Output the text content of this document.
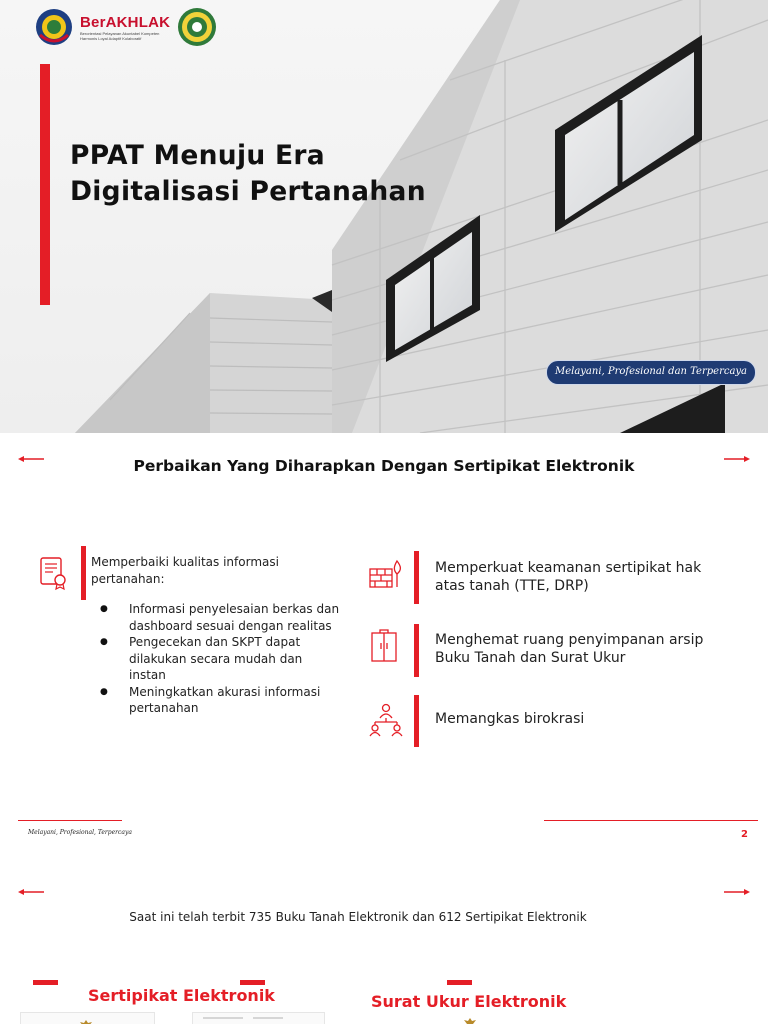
BerAKHLAK
Berorientasi Pelayanan Akuntabel Kompeten Harmonis Loyal Adaptif Kolaboratif
PPAT Menuju Era
Digitalisasi Pertanahan
Melayani, Profesional dan Terpercaya
Perbaikan Yang Diharapkan Dengan Sertipikat Elektronik
Memperbaiki kualitas informasi pertanahan:
● Informasi penyelesaian berkas dan dashboard sesuai dengan realitas
● Pengecekan dan SKPT dapat dilakukan secara mudah dan instan
● Meningkatkan akurasi informasi pertanahan
Memperkuat keamanan sertipikat hak atas tanah (TTE, DRP)
Menghemat ruang penyimpanan arsip Buku Tanah dan Surat Ukur
Memangkas birokrasi
Melayani, Profesional, Terpercaya	2
Saat ini telah terbit 735 Buku Tanah Elektronik dan 612 Sertipikat Elektronik
Sertipikat Elektronik	Surat Ukur Elektronik
